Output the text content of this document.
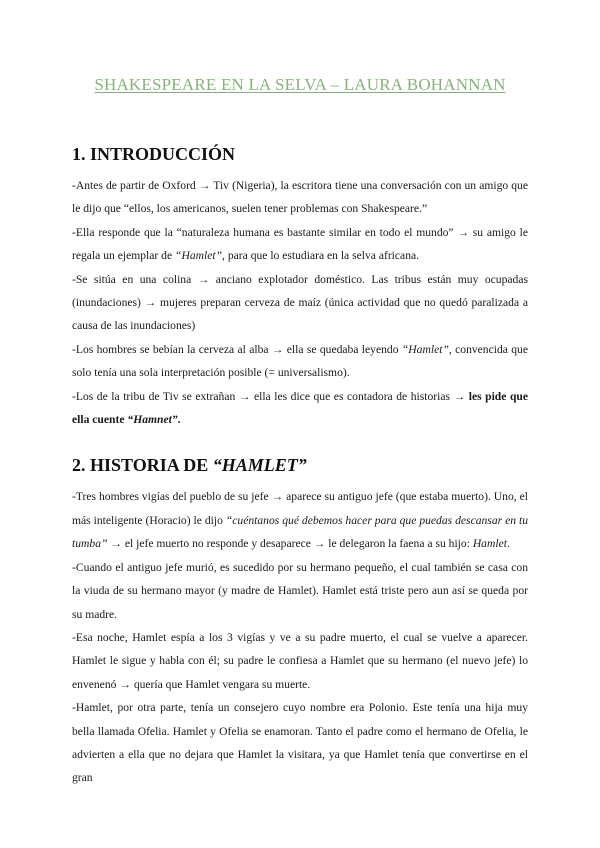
SHAKESPEARE EN LA SELVA – LAURA BOHANNAN

1. INTRODUCCIÓN

-Antes de partir de Oxford → Tiv (Nigeria), la escritora tiene una conversación con un amigo que le dijo que “ellos, los americanos, suelen tener problemas con Shakespeare.”

-Ella responde que la “naturaleza humana es bastante similar en todo el mundo” → su amigo le regala un ejemplar de “Hamlet”, para que lo estudiara en la selva africana.

-Se sitúa en una colina → anciano explotador doméstico. Las tribus están muy ocupadas (inundaciones) → mujeres preparan cerveza de maíz (única actividad que no quedó paralizada a causa de las inundaciones)

-Los hombres se bebían la cerveza al alba → ella se quedaba leyendo “Hamlet”, convencida que solo tenía una sola interpretación posible (= universalismo).

-Los de la tribu de Tiv se extrañan → ella les dice que es contadora de historias → les pide que ella cuente “Hamnet”.

2. HISTORIA DE “HAMLET”

-Tres hombres vigías del pueblo de su jefe → aparece su antiguo jefe (que estaba muerto). Uno, el más inteligente (Horacio) le dijo “cuéntanos qué debemos hacer para que puedas descansar en tu tumba” → el jefe muerto no responde y desaparece → le delegaron la faena a su hijo: Hamlet.

-Cuando el antiguo jefe murió, es sucedido por su hermano pequeño, el cual también se casa con la viuda de su hermano mayor (y madre de Hamlet). Hamlet está triste pero aun así se queda por su madre.

-Esa noche, Hamlet espía a los 3 vigías y ve a su padre muerto, el cual se vuelve a aparecer. Hamlet le sigue y habla con él; su padre le confiesa a Hamlet que su hermano (el nuevo jefe) lo envenenó → quería que Hamlet vengara su muerte.

-Hamlet, por otra parte, tenía un consejero cuyo nombre era Polonio. Este tenía una hija muy bella llamada Ofelia. Hamlet y Ofelia se enamoran. Tanto el padre como el hermano de Ofelia, le advierten a ella que no dejara que Hamlet la visitara, ya que Hamlet tenía que convertirse en el gran
